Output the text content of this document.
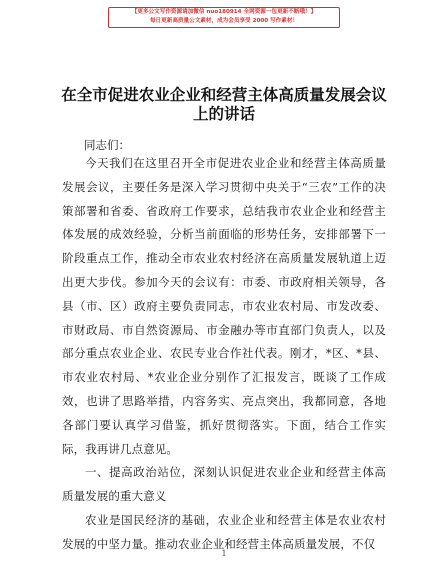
【更多公文写作资源请加微信 nuo180914 全网资源一包更新不断哦！】
每日更新高质量公文素材，成为会员享受 2000 写作素材！
在全市促进农业企业和经营主体高质量发展会议上的讲话

同志们：

今天我们在这里召开全市促进农业企业和经营主体高质量发展会议，主要任务是深入学习贯彻中央关于“三农”工作的决策部署和省委、省政府工作要求，总结我市农业企业和经营主体发展的成效经验，分析当前面临的形势任务，安排部署下一阶段重点工作，推动全市农业农村经济在高质量发展轨道上迈出更大步伐。参加今天的会议有：市委、市政府相关领导，各县（市、区）政府主要负责同志，市农业农村局、市发改委、市财政局、市自然资源局、市金融办等市直部门负责人，以及部分重点农业企业、农民专业合作社代表。刚才，*区、*县、市农业农村局、*农业企业分别作了汇报发言，既谈了工作成效，也讲了思路举措，内容务实、亮点突出，我都同意，各地各部门要认真学习借鉴，抓好贯彻落实。下面，结合工作实际，我再讲几点意见。

一、提高政治站位，深刻认识促进农业企业和经营主体高质量发展的重大意义

农业是国民经济的基础，农业企业和经营主体是农业农村发展的中坚力量。推动农业企业和经营主体高质量发展，不仅

1
